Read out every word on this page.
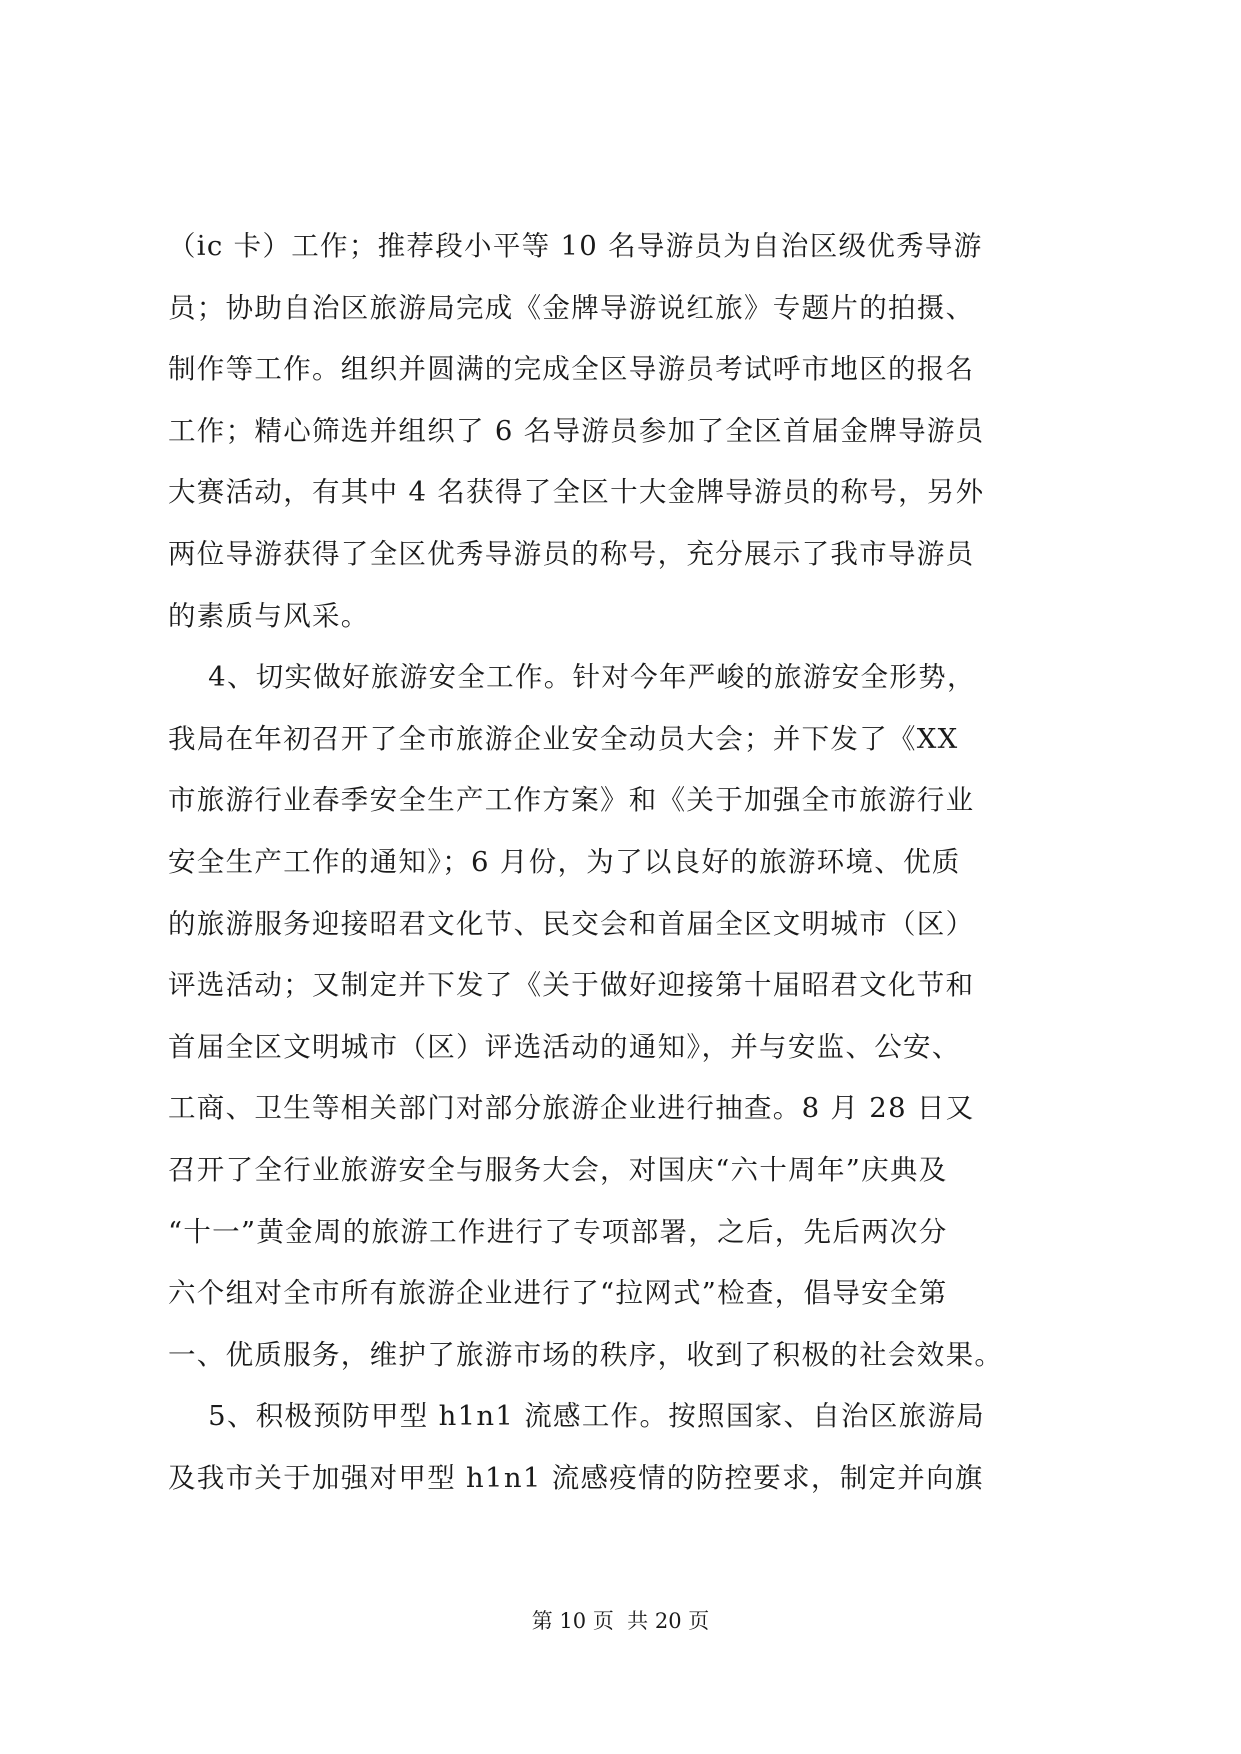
（ic 卡）工作；推荐段小平等 10 名导游员为自治区级优秀导游
员；协助自治区旅游局完成《金牌导游说红旅》专题片的拍摄、
制作等工作。组织并圆满的完成全区导游员考试呼市地区的报名
工作；精心筛选并组织了 6 名导游员参加了全区首届金牌导游员
大赛活动，有其中 4 名获得了全区十大金牌导游员的称号，另外
两位导游获得了全区优秀导游员的称号，充分展示了我市导游员
的素质与风采。
4、切实做好旅游安全工作。针对今年严峻的旅游安全形势，
我局在年初召开了全市旅游企业安全动员大会；并下发了《XX
市旅游行业春季安全生产工作方案》和《关于加强全市旅游行业
安全生产工作的通知》；6 月份，为了以良好的旅游环境、优质
的旅游服务迎接昭君文化节、民交会和首届全区文明城市（区）
评选活动；又制定并下发了《关于做好迎接第十届昭君文化节和
首届全区文明城市（区）评选活动的通知》，并与安监、公安、
工商、卫生等相关部门对部分旅游企业进行抽查。8 月 28 日又
召开了全行业旅游安全与服务大会，对国庆“六十周年”庆典及
“十一”黄金周的旅游工作进行了专项部署，之后，先后两次分
六个组对全市所有旅游企业进行了“拉网式”检查，倡导安全第
一、优质服务，维护了旅游市场的秩序，收到了积极的社会效果。
5、积极预防甲型 h1n1 流感工作。按照国家、自治区旅游局
及我市关于加强对甲型 h1n1 流感疫情的防控要求，制定并向旗
第 10 页  共 20 页
